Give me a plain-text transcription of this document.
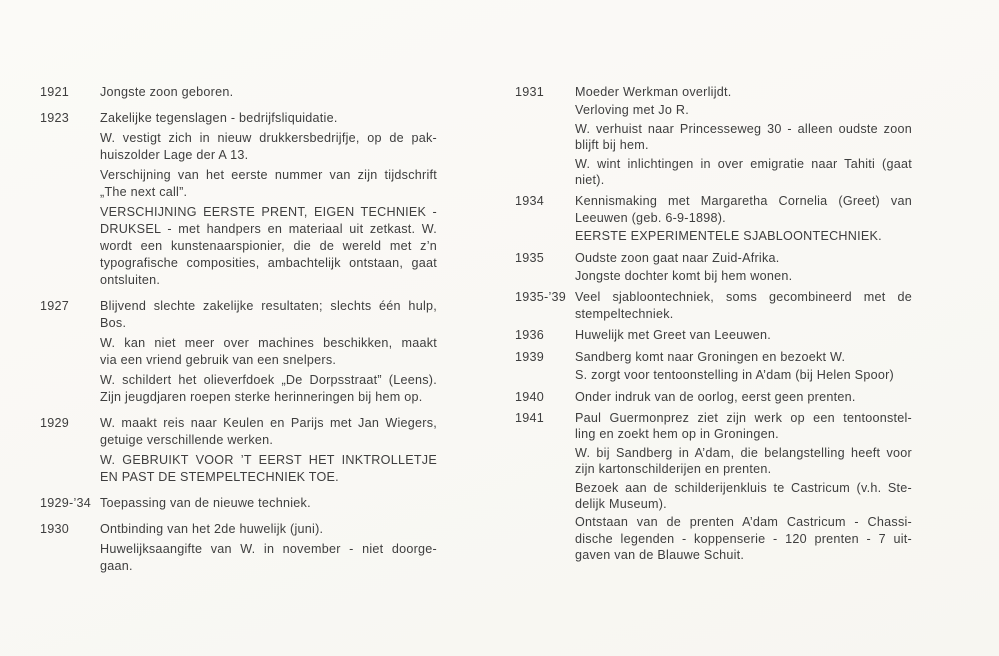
1921	Jongste zoon geboren.
1923	Zakelijke tegenslagen - bedrijfsliquidatie.
W. vestigt zich in nieuw drukkersbedrijfje, op de pak-
huiszolder Lage der A 13.
Verschijning van het eerste nummer van zijn tijdschrift
„The next call”.
VERSCHIJNING EERSTE PRENT, EIGEN TECHNIEK -
DRUKSEL - met handpers en materiaal uit zetkast. W.
wordt een kunstenaarspionier, die de wereld met z’n
typografische composities, ambachtelijk ontstaan, gaat
ontsluiten.
1927	Blijvend slechte zakelijke resultaten; slechts één hulp,
Bos.
W. kan niet meer over machines beschikken, maakt
via een vriend gebruik van een snelpers.
W. schildert het olieverfdoek „De Dorpsstraat” (Leens).
Zijn jeugdjaren roepen sterke herinneringen bij hem op.
1929	W. maakt reis naar Keulen en Parijs met Jan Wiegers,
getuige verschillende werken.
W. GEBRUIKT VOOR ’T EERST HET INKTROLLETJE
EN PAST DE STEMPELTECHNIEK TOE.
1929-’34 Toepassing van de nieuwe techniek.
1930	Ontbinding van het 2de huwelijk (juni).
Huwelijksaangifte van W. in november - niet doorge-
gaan.
1931	Moeder Werkman overlijdt.
Verloving met Jo R.
W. verhuist naar Princesseweg 30 - alleen oudste zoon
blijft bij hem.
W. wint inlichtingen in over emigratie naar Tahiti (gaat
niet).
1934	Kennismaking met Margaretha Cornelia (Greet) van
Leeuwen (geb. 6-9-1898).
EERSTE EXPERIMENTELE SJABLOONTECHNIEK.
1935	Oudste zoon gaat naar Zuid-Afrika.
Jongste dochter komt bij hem wonen.
1935-’39 Veel sjabloontechniek, soms gecombineerd met de
stempeltechniek.
1936	Huwelijk met Greet van Leeuwen.
1939	Sandberg komt naar Groningen en bezoekt W.
S. zorgt voor tentoonstelling in A’dam (bij Helen Spoor)
1940	Onder indruk van de oorlog, eerst geen prenten.
1941	Paul Guermonprez ziet zijn werk op een tentoonstel-
ling en zoekt hem op in Groningen.
W. bij Sandberg in A’dam, die belangstelling heeft voor
zijn kartonschilderijen en prenten.
Bezoek aan de schilderijenkluis te Castricum (v.h. Ste-
delijk Museum).
Ontstaan van de prenten A’dam Castricum - Chassi-
dische legenden - koppenserie - 120 prenten - 7 uit-
gaven van de Blauwe Schuit.
